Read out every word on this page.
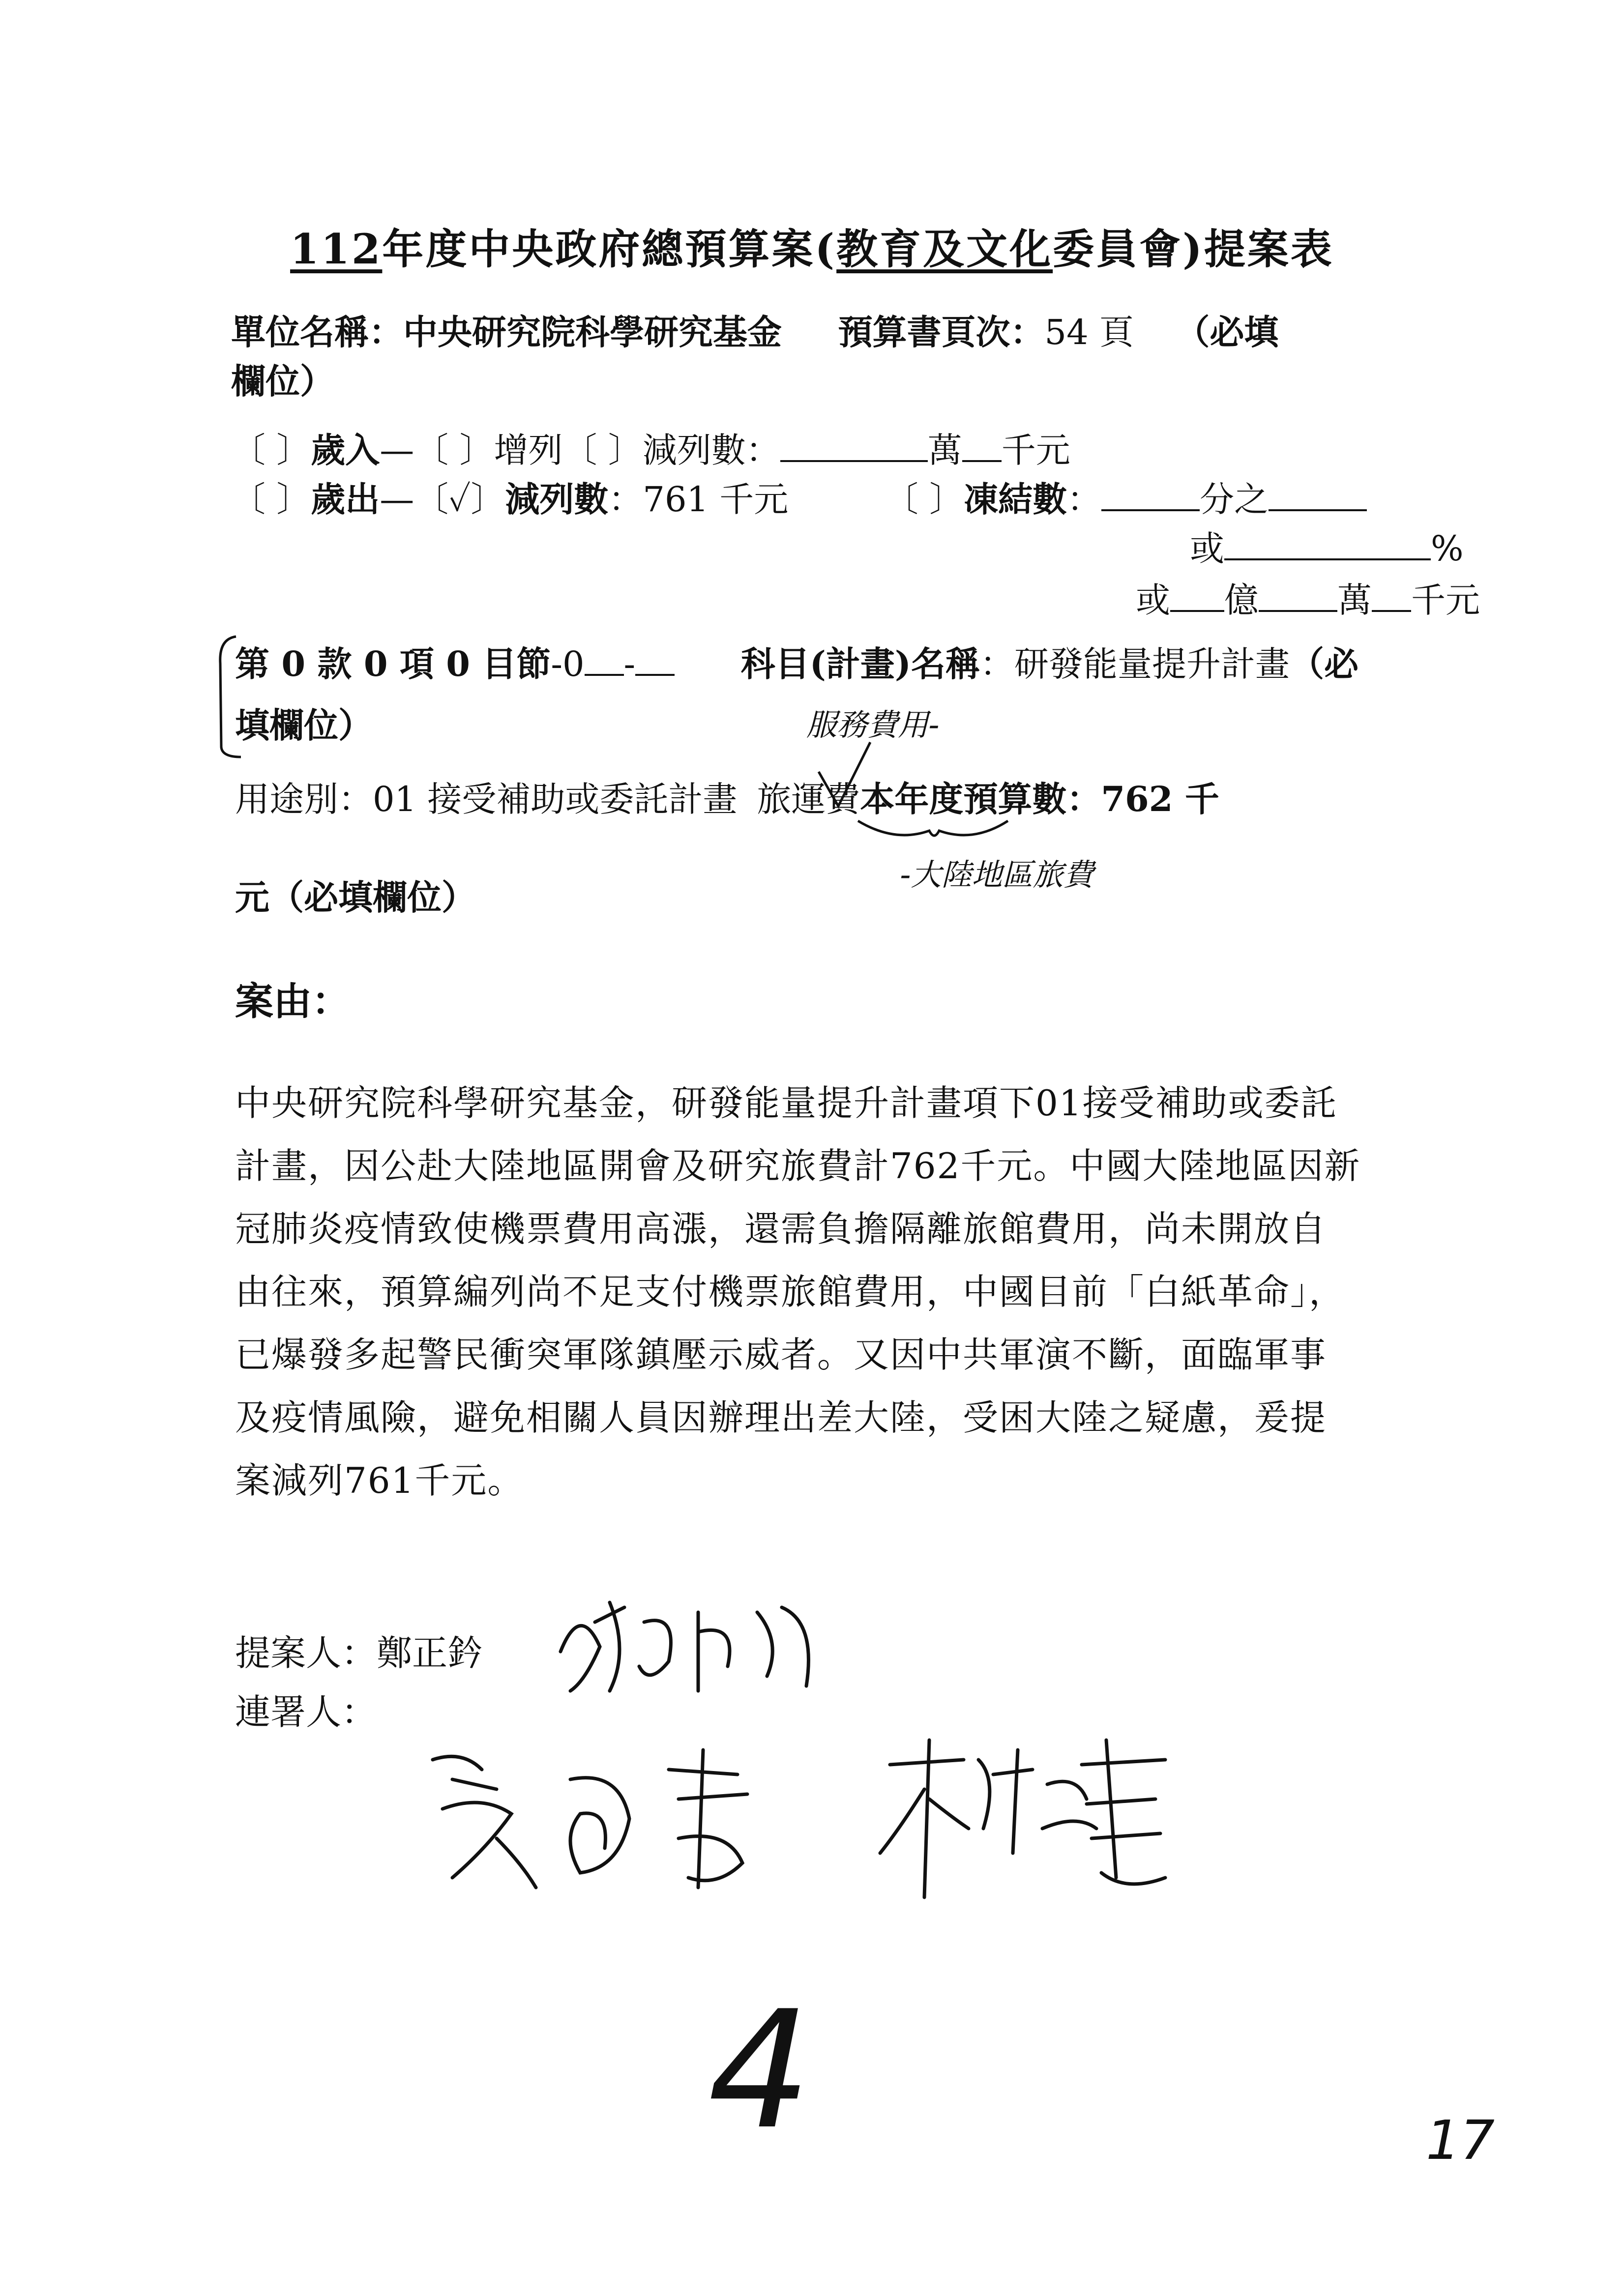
112年度中央政府總預算案(教育及文化委員會)提案表
單位名稱：中央研究院科學研究基金 預算書頁次：54 頁 （必填
欄位）
〔 〕歲入—〔 〕增列〔 〕減列數：	萬 千元
〔 〕歲出—〔✓〕減列數：761 千元	〔 〕凍結數：	分之
或	%
或 億 萬 千元
第 0 款 0 項 0 目節-0 -	科目(計畫)名稱：研發能量提升計畫（必
填欄位）	服務費用-
用途別：01 接受補助或委託計畫 旅運費本年度預算數：762 千
-大陸地區旅費
元（必填欄位）
案由：
中央研究院科學研究基金，研發能量提升計畫項下01接受補助或委託計畫，因公赴大陸地區開會及研究旅費計762千元。中國大陸地區因新冠肺炎疫情致使機票費用高漲，還需負擔隔離旅館費用，尚未開放自由往來，預算編列尚不足支付機票旅館費用，中國目前「白紙革命」，已爆發多起警民衝突軍隊鎮壓示威者。又因中共軍演不斷，面臨軍事及疫情風險，避免相關人員因辦理出差大陸，受困大陸之疑慮，爰提案減列761千元。
提案人：鄭正鈐
連署人：
4	17
